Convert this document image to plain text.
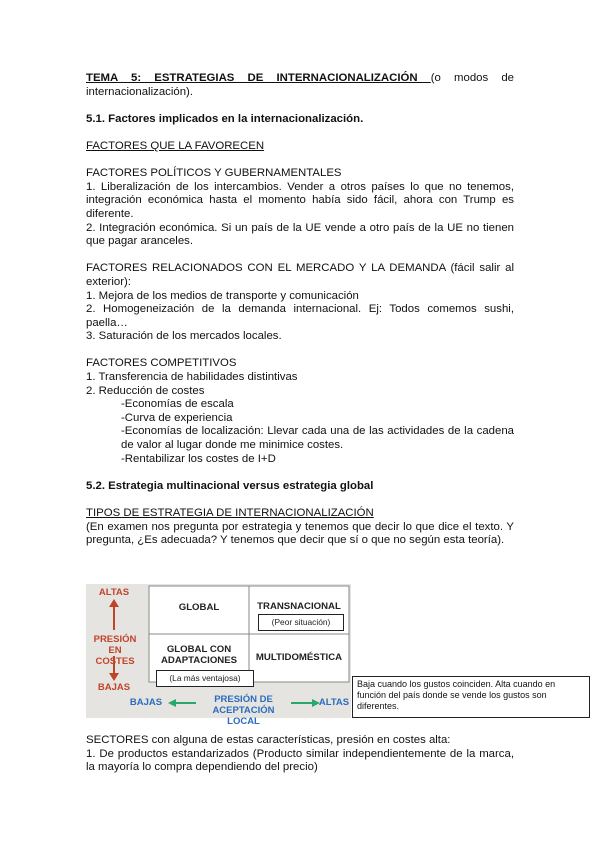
TEMA 5: ESTRATEGIAS DE INTERNACIONALIZACIÓN (o modos de internacionalización).

5.1. Factores implicados en la internacionalización.

FACTORES QUE LA FAVORECEN

FACTORES POLÍTICOS Y GUBERNAMENTALES

1. Liberalización de los intercambios. Vender a otros países lo que no tenemos, integración económica hasta el momento había sido fácil, ahora con Trump es diferente.

2. Integración económica. Si un país de la UE vende a otro país de la UE no tienen que pagar aranceles.

FACTORES RELACIONADOS CON EL MERCADO Y LA DEMANDA (fácil salir al exterior):

1. Mejora de los medios de transporte y comunicación

2. Homogeneización de la demanda internacional. Ej: Todos comemos sushi, paella…

3. Saturación de los mercados locales.

FACTORES COMPETITIVOS

1. Transferencia de habilidades distintivas

2. Reducción de costes

-Economías de escala

-Curva de experiencia

-Economías de localización: Llevar cada una de las actividades de la cadena de valor al lugar donde me minimice costes.

-Rentabilizar los costes de I+D

5.2. Estrategia multinacional versus estrategia global

TIPOS DE ESTRATEGIA DE INTERNACIONALIZACIÓN

(En examen nos pregunta por estrategia y tenemos que decir lo que dice el texto. Y pregunta, ¿Es adecuada? Y tenemos que decir que sí o que no según esta teoría).

ALTAS
PRESIÓN EN
COSTES
BAJAS
GLOBAL	TRANSNACIONAL
(Peor situación)
GLOBAL CON
ADAPTACIONES	MULTIDOMÉSTICA
(La más ventajosa)
BAJAS	PRESIÓN DE
ACEPTACIÓN LOCAL
ALTAS
Baja cuando los gustos coinciden. Alta cuando en función del país donde se vende los gustos son diferentes.

SECTORES con alguna de estas características, presión en costes alta:

1. De productos estandarizados (Producto similar independientemente de la marca, la mayoría lo compra dependiendo del precio)
